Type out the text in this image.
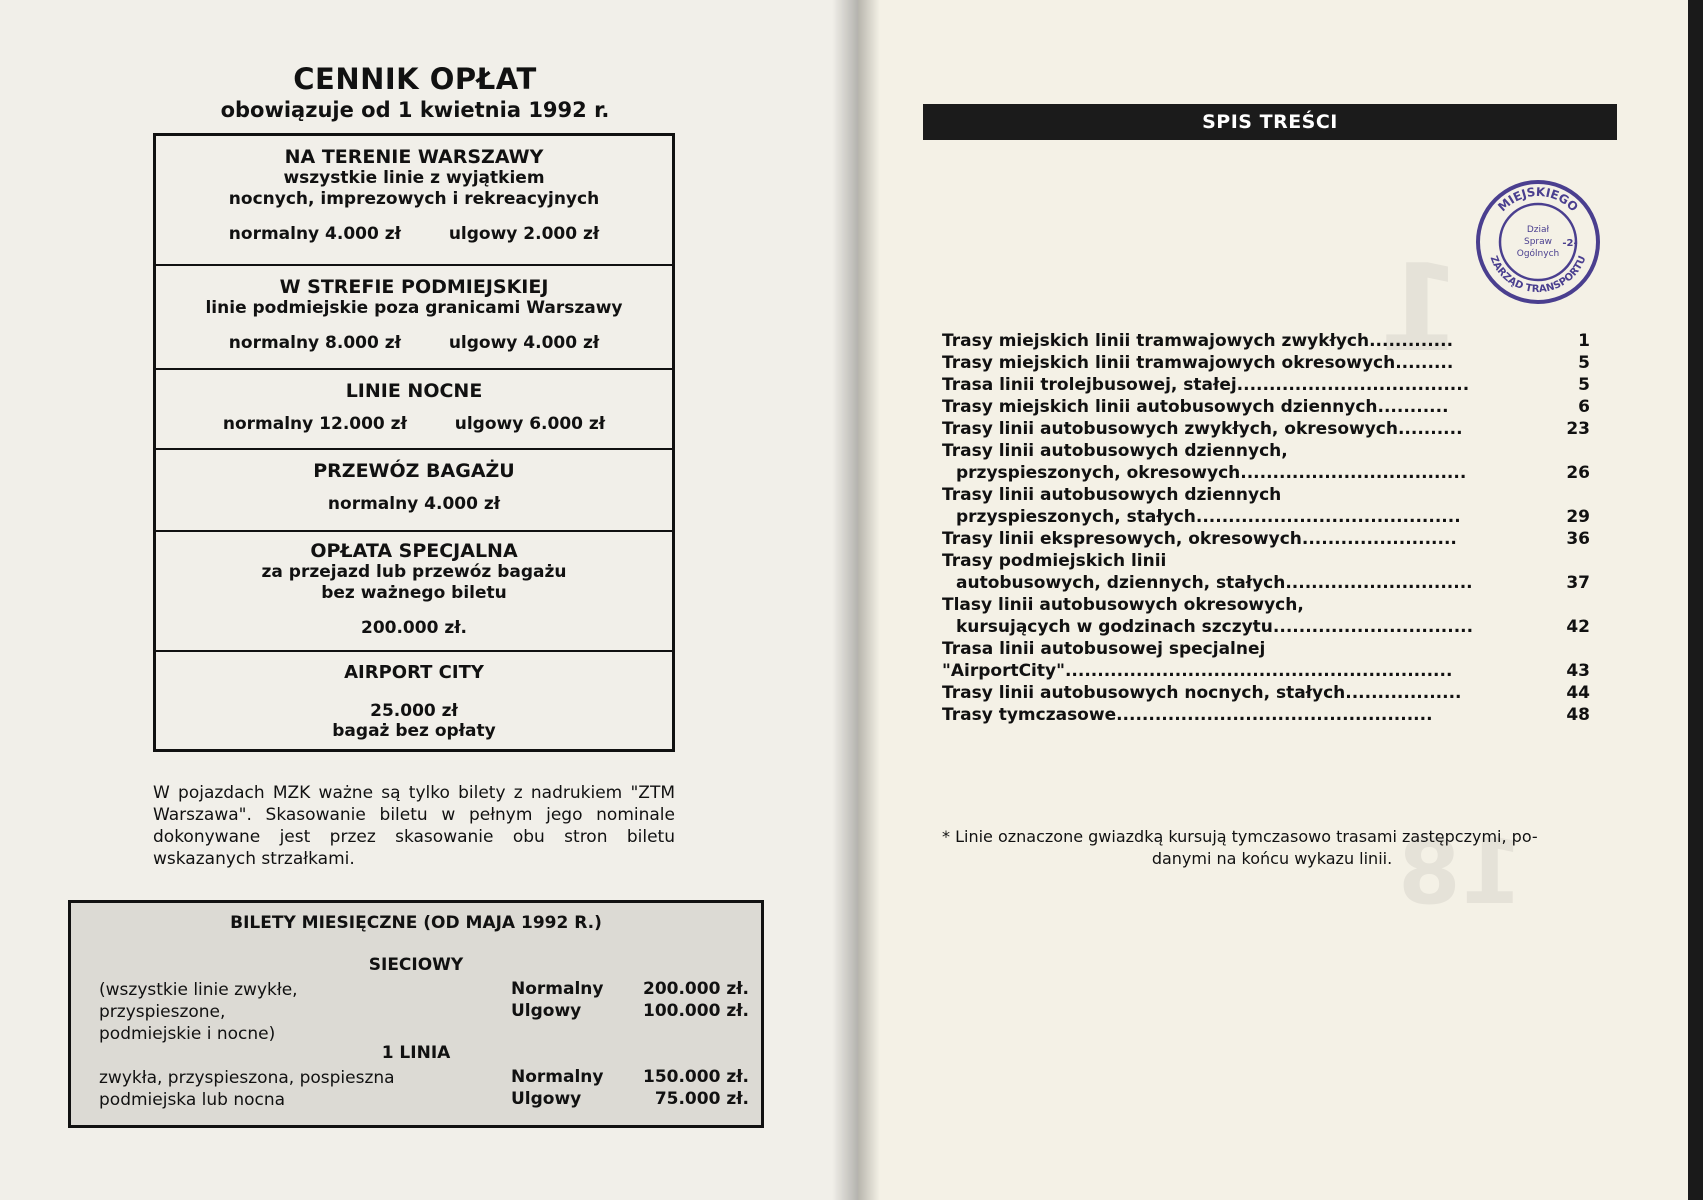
CENNIK OPŁAT
obowiązuje od 1 kwietnia 1992 r.
NA TERENIE WARSZAWY
wszystkie linie z wyjątkiem
nocnych, imprezowych i rekreacyjnych
normalny 4.000 zł	ulgowy 2.000 zł
W STREFIE PODMIEJSKIEJ
linie podmiejskie poza granicami Warszawy
normalny 8.000 zł	ulgowy 4.000 zł
LINIE NOCNE
normalny 12.000 zł	ulgowy 6.000 zł
PRZEWÓZ BAGAŻU
normalny 4.000 zł
OPŁATA SPECJALNA
za przejazd lub przewóz bagażu
bez ważnego biletu
200.000 zł.
AIRPORT CITY
25.000 zł
bagaż bez opłaty
W pojazdach MZK ważne są tylko bilety z nadrukiem "ZTM Warszawa". Skasowanie biletu w pełnym jego nominale dokonywane jest przez skasowanie obu stron biletu wskazanych strzałkami.
BILETY MIESIĘCZNE (OD MAJA 1992 R.)
SIECIOWY
(wszystkie linie zwykłe, przyspieszone,
podmiejskie i nocne)
Normalny 200.000 zł.
Ulgowy	100.000 zł.
1 LINIA
zwykła, przyspieszona, pospieszna
podmiejska lub nocna
Normalny 150.000 zł.
Ulgowy	75.000 zł.
1
18
SPIS TREŚCI
MIEJSKIEGO
ZARZĄD TRANSPORTU
Dział
Spraw
Ogólnych
-2-
Trasy miejskich linii tramwajowych zwykłych.............	1
Trasy miejskich linii tramwajowych okresowych.........	5
Trasa linii trolejbusowej, stałej....................................	5
Trasy miejskich linii autobusowych dziennych...........	6
Trasy linii autobusowych zwykłych, okresowych..........	23
Trasy linii autobusowych dziennych,
przyspieszonych, okresowych...................................	26
Trasy linii autobusowych dziennych
przyspieszonych, stałych.........................................	29
Trasy linii ekspresowych, okresowych........................	36
Trasy podmiejskich linii
autobusowych, dziennych, stałych.............................	37
Tlasy linii autobusowych okresowych,
kursujących w godzinach szczytu...............................	42
Trasa linii autobusowej specjalnej
"AirportCity"............................................................	43
Trasy linii autobusowych nocnych, stałych..................	44
Trasy tymczasowe.................................................	48
* Linie oznaczone gwiazdką kursują tymczasowo trasami zastępczymi, po-
danymi na końcu wykazu linii.
